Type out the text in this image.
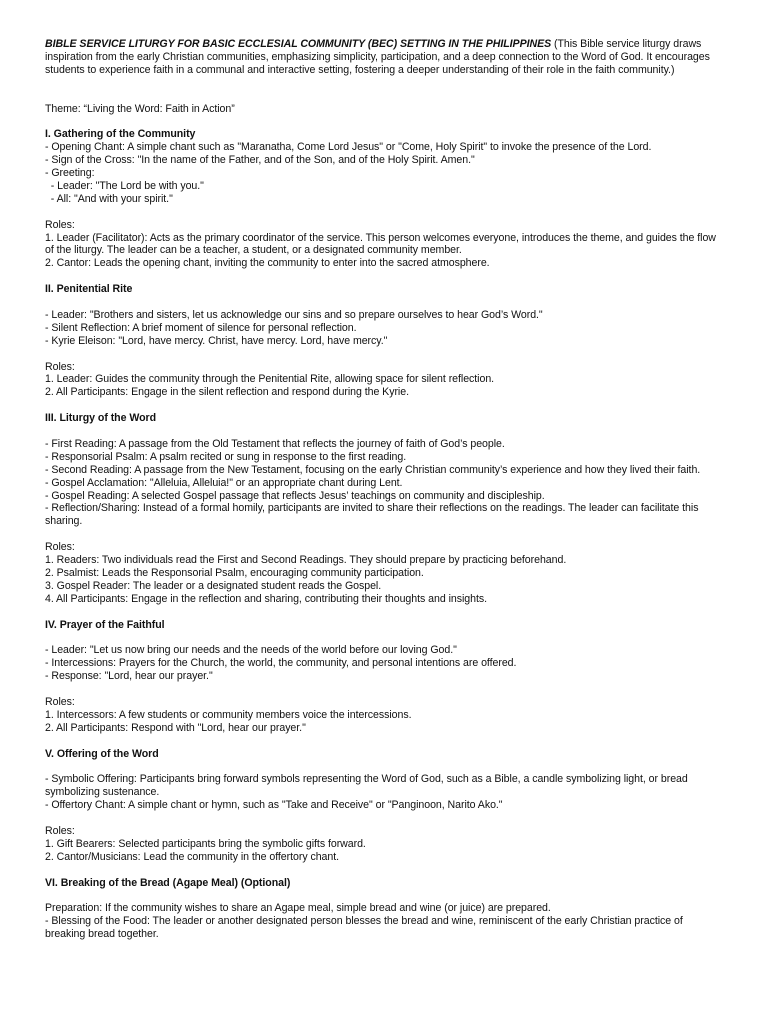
BIBLE SERVICE LITURGY FOR BASIC ECCLESIAL COMMUNITY (BEC) SETTING IN THE PHILIPPINES (This Bible service liturgy draws inspiration from the early Christian communities, emphasizing simplicity, participation, and a deep connection to the Word of God. It encourages students to experience faith in a communal and interactive setting, fostering a deeper understanding of their role in the faith community.)
Theme: “Living the Word: Faith in Action”
I. Gathering of the Community
- Opening Chant: A simple chant such as "Maranatha, Come Lord Jesus" or "Come, Holy Spirit" to invoke the presence of the Lord.
- Sign of the Cross: "In the name of the Father, and of the Son, and of the Holy Spirit. Amen."
- Greeting:
- Leader: "The Lord be with you."
- All: "And with your spirit."
Roles:
1. Leader (Facilitator): Acts as the primary coordinator of the service. This person welcomes everyone, introduces the theme, and guides the flow of the liturgy. The leader can be a teacher, a student, or a designated community member.
2. Cantor: Leads the opening chant, inviting the community to enter into the sacred atmosphere.
II. Penitential Rite
- Leader: "Brothers and sisters, let us acknowledge our sins and so prepare ourselves to hear God’s Word."
- Silent Reflection: A brief moment of silence for personal reflection.
- Kyrie Eleison: "Lord, have mercy. Christ, have mercy. Lord, have mercy."
Roles:
1. Leader: Guides the community through the Penitential Rite, allowing space for silent reflection.
2. All Participants: Engage in the silent reflection and respond during the Kyrie.
III. Liturgy of the Word
- First Reading: A passage from the Old Testament that reflects the journey of faith of God’s people.
- Responsorial Psalm: A psalm recited or sung in response to the first reading.
- Second Reading: A passage from the New Testament, focusing on the early Christian community’s experience and how they lived their faith.
- Gospel Acclamation: "Alleluia, Alleluia!" or an appropriate chant during Lent.
- Gospel Reading: A selected Gospel passage that reflects Jesus’ teachings on community and discipleship.
- Reflection/Sharing: Instead of a formal homily, participants are invited to share their reflections on the readings. The leader can facilitate this sharing.
Roles:
1. Readers: Two individuals read the First and Second Readings. They should prepare by practicing beforehand.
2. Psalmist: Leads the Responsorial Psalm, encouraging community participation.
3. Gospel Reader: The leader or a designated student reads the Gospel.
4. All Participants: Engage in the reflection and sharing, contributing their thoughts and insights.
IV. Prayer of the Faithful
- Leader: "Let us now bring our needs and the needs of the world before our loving God."
- Intercessions: Prayers for the Church, the world, the community, and personal intentions are offered.
- Response: "Lord, hear our prayer."
Roles:
1. Intercessors: A few students or community members voice the intercessions.
2. All Participants: Respond with "Lord, hear our prayer."
V. Offering of the Word
- Symbolic Offering: Participants bring forward symbols representing the Word of God, such as a Bible, a candle symbolizing light, or bread symbolizing sustenance.
- Offertory Chant: A simple chant or hymn, such as "Take and Receive" or "Panginoon, Narito Ako."
Roles:
1. Gift Bearers: Selected participants bring the symbolic gifts forward.
2. Cantor/Musicians: Lead the community in the offertory chant.
VI. Breaking of the Bread (Agape Meal) (Optional)
Preparation: If the community wishes to share an Agape meal, simple bread and wine (or juice) are prepared.
- Blessing of the Food: The leader or another designated person blesses the bread and wine, reminiscent of the early Christian practice of breaking bread together.
